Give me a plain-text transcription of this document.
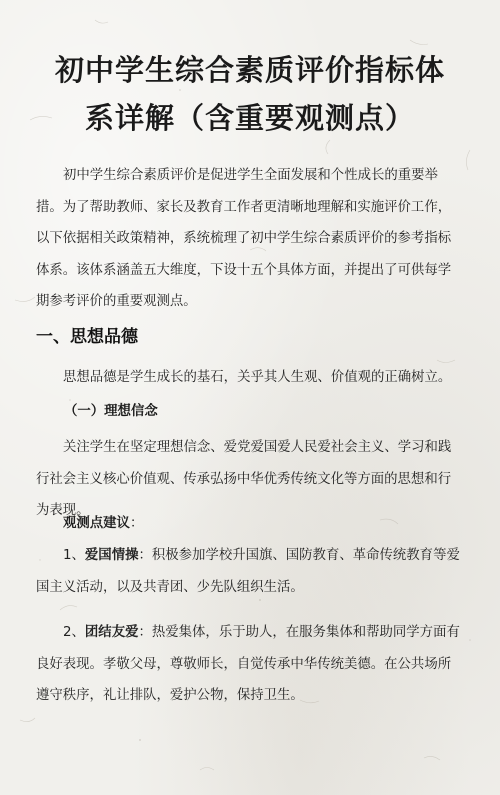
初中学生综合素质评价指标体
系详解（含重要观测点）

初中学生综合素质评价是促进学生全面发展和个性成长的重要举措。为了帮助教师、家长及教育工作者更清晰地理解和实施评价工作，以下依据相关政策精神，系统梳理了初中学生综合素质评价的参考指标体系。该体系涵盖五大维度，下设十五个具体方面，并提出了可供每学期参考评价的重要观测点。

一、思想品德

思想品德是学生成长的基石，关乎其人生观、价值观的正确树立。

（一）理想信念

关注学生在坚定理想信念、爱党爱国爱人民爱社会主义、学习和践行社会主义核心价值观、传承弘扬中华优秀传统文化等方面的思想和行为表现。

观测点建议：

1、爱国情操：积极参加学校升国旗、国防教育、革命传统教育等爱国主义活动，以及共青团、少先队组织生活。

2、团结友爱：热爱集体，乐于助人，在服务集体和帮助同学方面有良好表现。孝敬父母，尊敬师长，自觉传承中华传统美德。在公共场所遵守秩序，礼让排队，爱护公物，保持卫生。
